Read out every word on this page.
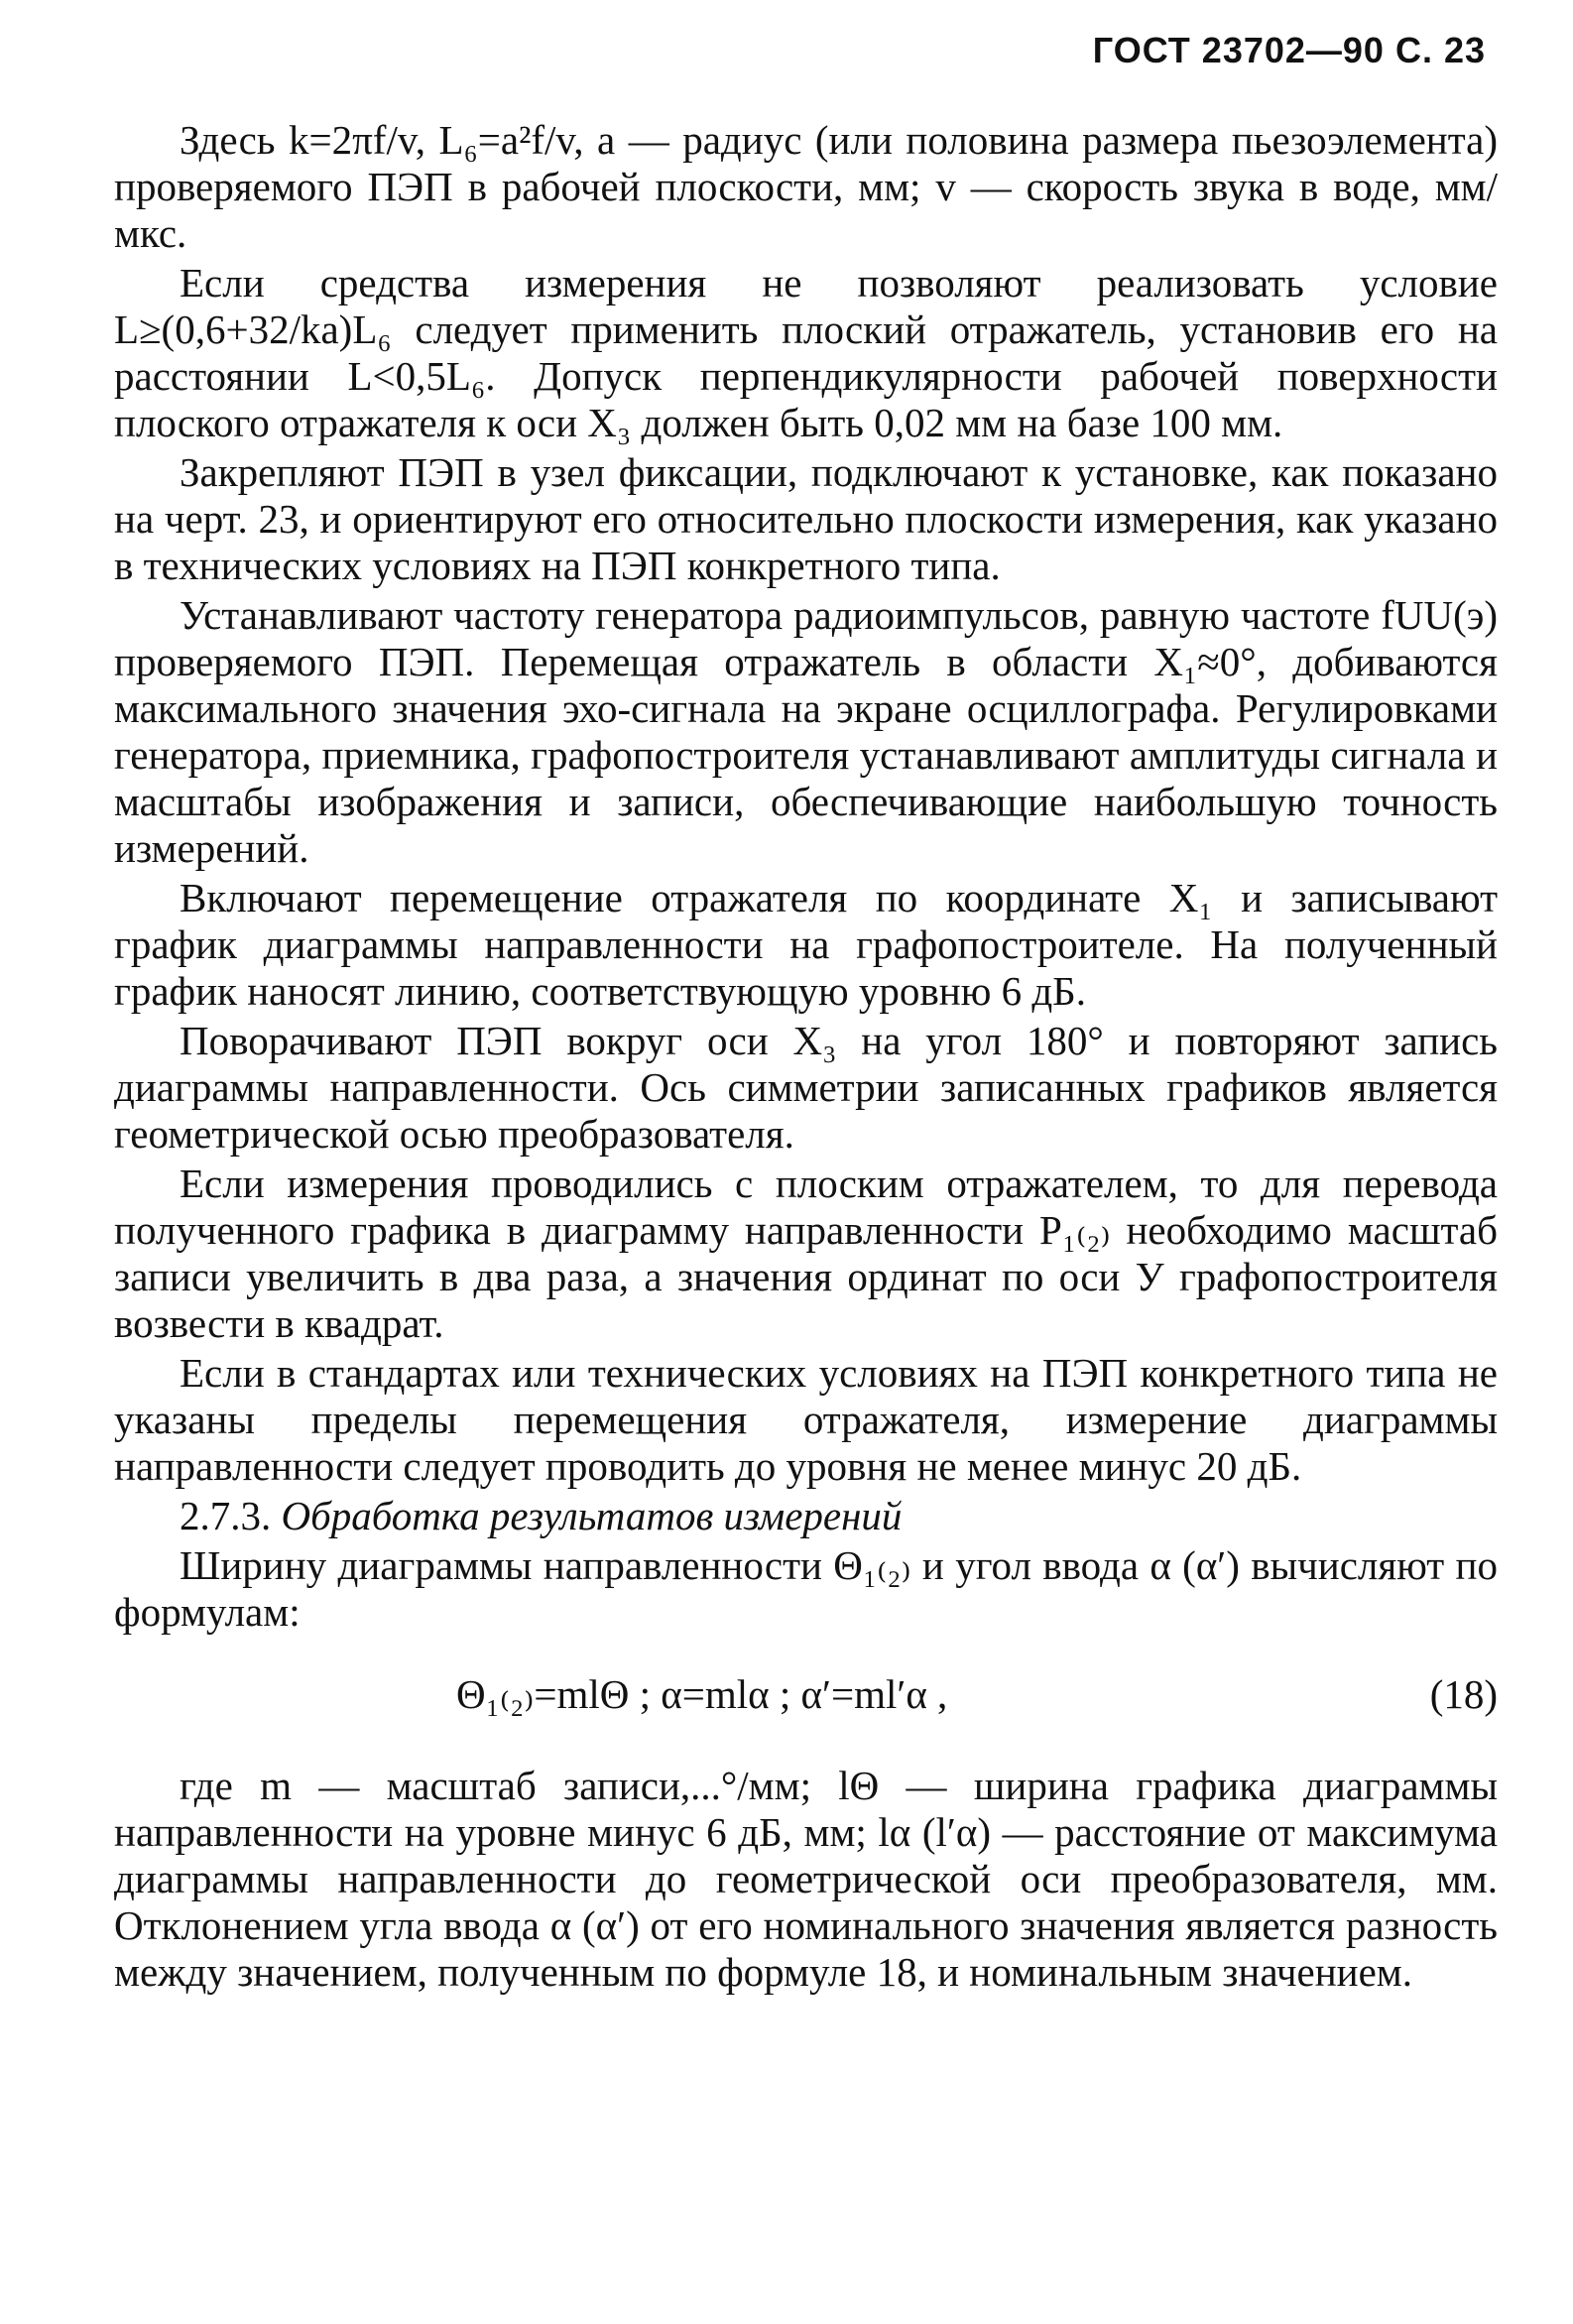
ГОСТ 23702—90 С. 23

Здесь k=2πf/v, L₆=a²f/v, a — радиус (или половина размера пьезоэлемента) проверяемого ПЭП в рабочей плоскости, мм; v — скорость звука в воде, мм/мкс.

Если средства измерения не позволяют реализовать условие L≥(0,6+32/ka)L₆ следует применить плоский отражатель, установив его на расстоянии L<0,5L₆. Допуск перпендикулярности рабочей поверхности плоского отражателя к оси X₃ должен быть 0,02 мм на базе 100 мм.

Закрепляют ПЭП в узел фиксации, подключают к установке, как показано на черт. 23, и ориентируют его относительно плоскости измерения, как указано в технических условиях на ПЭП конкретного типа.

Устанавливают частоту генератора радиоимпульсов, равную частоте fUU(э) проверяемого ПЭП. Перемещая отражатель в области X₁≈0°, добиваются максимального значения эхо-сигнала на экране осциллографа. Регулировками генератора, приемника, графопостроителя устанавливают амплитуды сигнала и масштабы изображения и записи, обеспечивающие наибольшую точность измерений.

Включают перемещение отражателя по координате X₁ и записывают график диаграммы направленности на графопостроителе. На полученный график наносят линию, соответствующую уровню 6 дБ.

Поворачивают ПЭП вокруг оси X₃ на угол 180° и повторяют запись диаграммы направленности. Ось симметрии записанных графиков является геометрической осью преобразователя.

Если измерения проводились с плоским отражателем, то для перевода полученного графика в диаграмму направленности P₁₍₂₎ необходимо масштаб записи увеличить в два раза, а значения ординат по оси У графопостроителя возвести в квадрат.

Если в стандартах или технических условиях на ПЭП конкретного типа не указаны пределы перемещения отражателя, измерение диаграммы направленности следует проводить до уровня не менее минус 20 дБ.

2.7.3. Обработка результатов измерений

Ширину диаграммы направленности Θ₁₍₂₎ и угол ввода α (α′) вычисляют по формулам:

Θ₁₍₂₎=mlΘ ; α=mlα ; α′=ml′α ,	(18)

где m — масштаб записи,...°/мм; lΘ — ширина графика диаграммы направленности на уровне минус 6 дБ, мм; lα (l′α) — расстояние от максимума диаграммы направленности до геометрической оси преобразователя, мм. Отклонением угла ввода α (α′) от его номинального значения является разность между значением, полученным по формуле 18, и номинальным значением.
